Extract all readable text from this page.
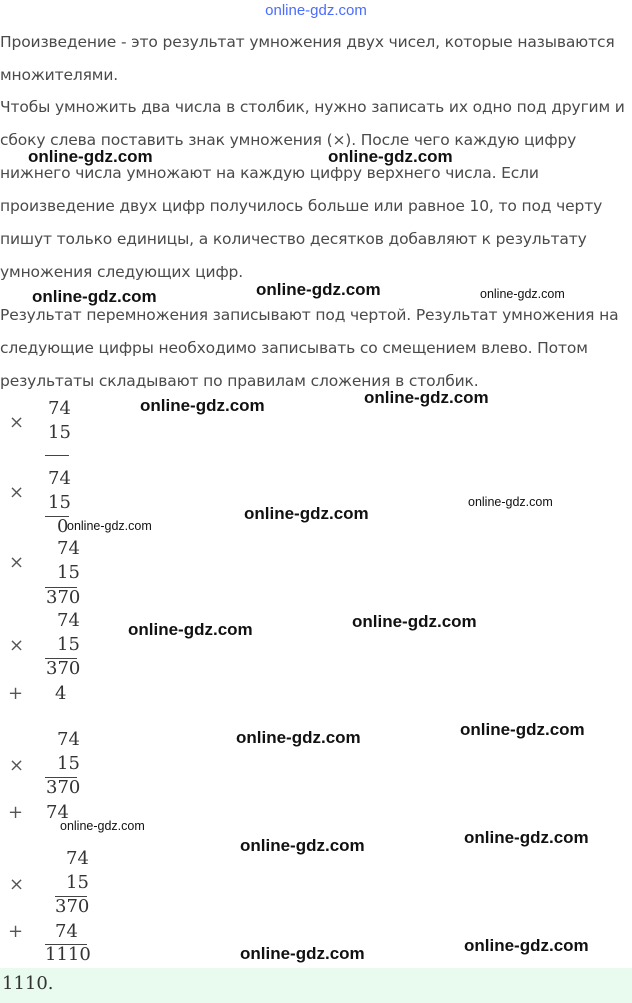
online-gdz.com

Произведение - это результат умножения двух чисел, которые называются множителями.

Чтобы умножить два числа в столбик, нужно записать их одно под другим и сбоку слева поставить знак умножения (×). После чего каждую цифру нижнего числа умножают на каждую цифру верхнего числа. Если произведение двух цифр получилось больше или равное 10, то под черту пишут только единицы, а количество десятков добавляют к результату умножения следующих цифр.

Результат перемножения записывают под чертой. Результат умножения на следующие цифры необходимо записывать со смещением влево. Потом результаты складывают по правилам сложения в столбик.

×
74
15
×
74
15
0
×
74
15
370
×
74
15
370
+ 4
×
74
15
370
+ 74
×
74
15
370
+ 74
1110
online-gdz.com	online-gdz.com
online-gdz.com	online-gdz.com	online-gdz.com
online-gdz.com	online-gdz.com
online-gdz.com
online-gdz.com
online-gdz.com
online-gdz.com	online-gdz.com
online-gdz.com	online-gdz.com
online-gdz.com
online-gdz.com	online-gdz.com
online-gdz.com	online-gdz.com
1110.
